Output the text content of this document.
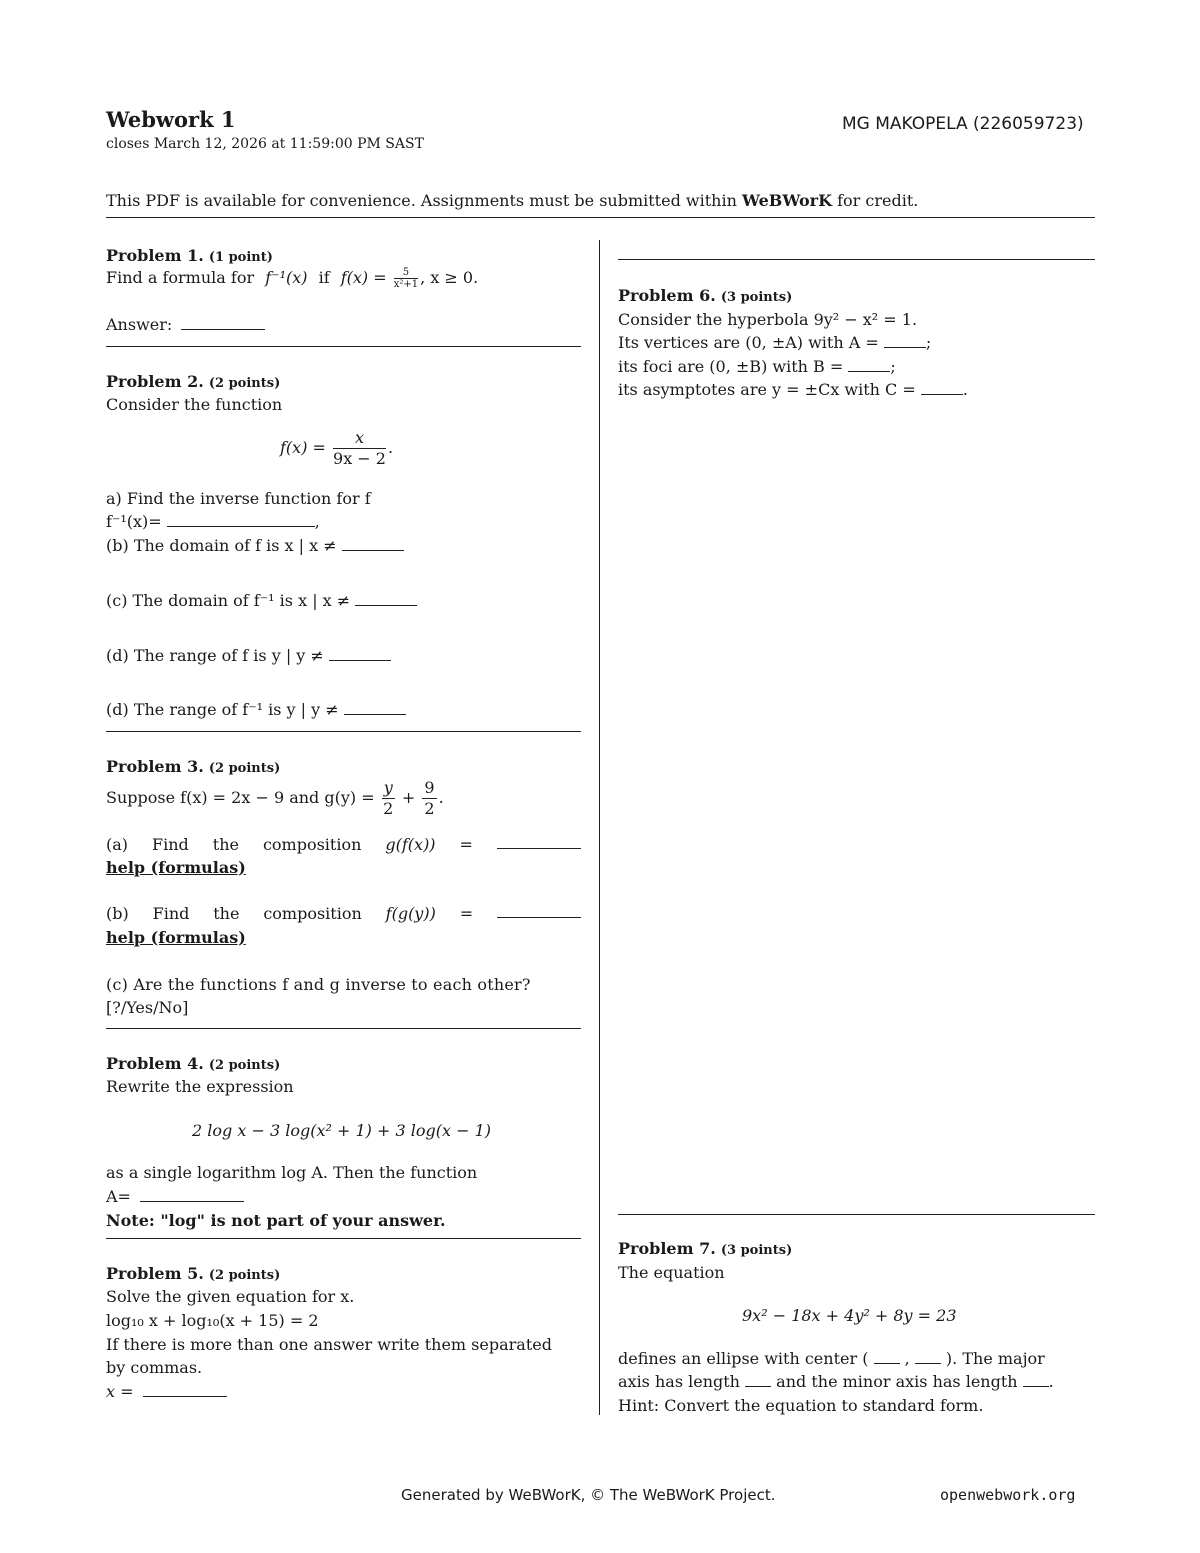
Webwork 1
closes March 12, 2026 at 11:59:00 PM SAST
MG MAKOPELA (226059723)
This PDF is available for convenience. Assignments must be submitted within WeBWorK for credit.
Problem 1. (1 point)
Find a formula for f⁻¹(x) if $f(x) = \frac{5}{\text{x²+1}}$ , x ≥ 0.
Answer:
Problem 2. (2 points)
Consider the function
$f(x) = \frac{x}{9x - 2}$ .
a) Find the inverse function for f
f⁻¹(x)=	,
(b) The domain of f is x | x ≠
(c) The domain of f⁻¹ is x | x ≠
(d) The range of f is y | y ≠
(d) The range of f⁻¹ is y | y ≠
Problem 3. (2 points)
Suppose f(x) = 2x − 9 and $g(y) = \frac{y}{2} + \frac{9}{2}$ .
(a) Find the composition g(f(x)) =
help (formulas)
(b) Find the composition f(g(y)) =
help (formulas)
(c) Are the functions f and g inverse to each other?
[?/Yes/No]
Problem 4. (2 points)
Rewrite the expression
2 log x − 3 log(x² + 1) + 3 log(x − 1)
as a single logarithm log A. Then the function
A=
Note: "log" is not part of your answer.
Problem 5. (2 points)
Solve the given equation for x.
log₁₀ x + log₁₀(x + 15) = 2
If there is more than one answer write them separated
by commas.
x =
Problem 6. (3 points)
Consider the hyperbola 9y² − x² = 1.
Its vertices are (0, ±A) with A =	;
its foci are (0, ±B) with B =	;
its asymptotes are y = ±Cx with C =	.
Problem 7. (3 points)
The equation
9x² − 18x + 4y² + 8y = 23
defines an ellipse with center ( , ). The major
axis has length and the minor axis has length .
Hint: Convert the equation to standard form.
Generated by WeBWorK, © The WeBWorK Project.	openwebwork.org
